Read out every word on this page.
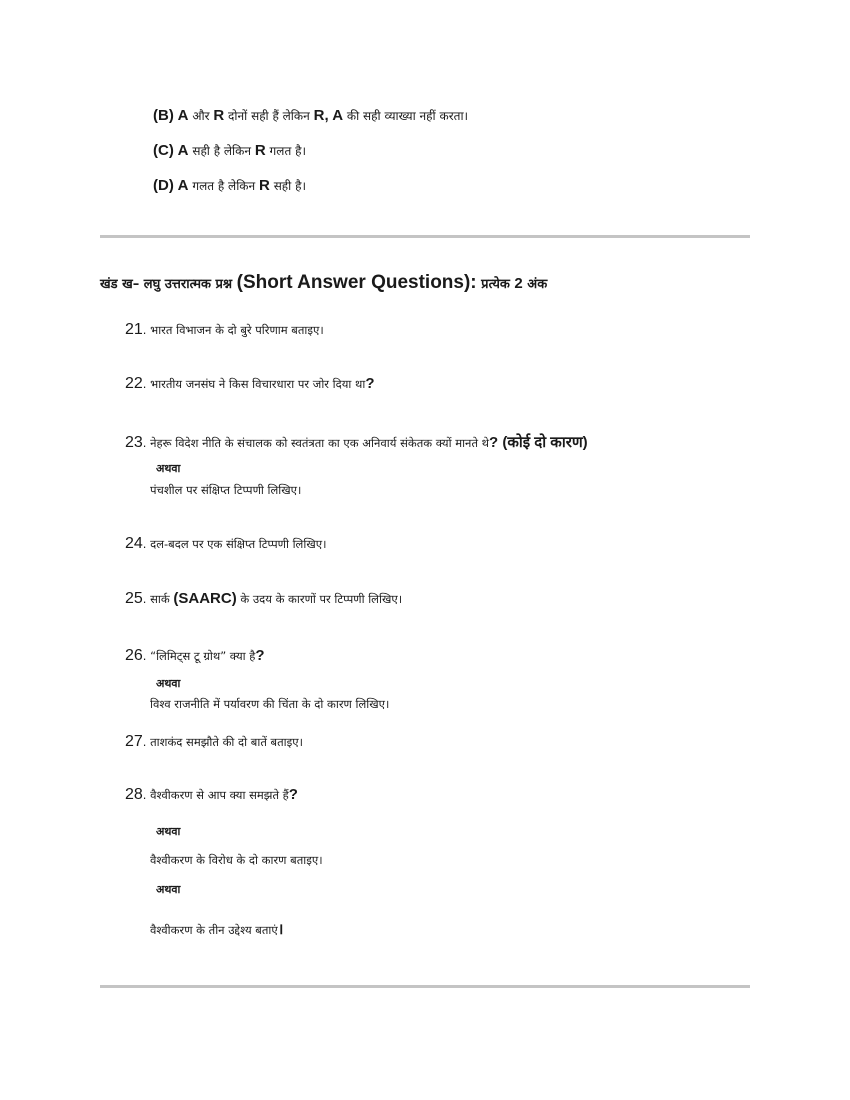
(B) A और R दोनों सही हैं लेकिन R, A की सही व्याख्या नहीं करता।
(C) A सही है लेकिन R गलत है।
(D) A गलत है लेकिन R सही है।
खंड ख– लघु उत्तरात्मक प्रश्न (Short Answer Questions): प्रत्येक 2 अंक
21. भारत विभाजन के दो बुरे परिणाम बताइए।
22. भारतीय जनसंघ ने किस विचारधारा पर जोर दिया था?
23. नेहरू विदेश नीति के संचालक को स्वतंत्रता का एक अनिवार्य संकेतक क्यों मानते थे? (कोई दो कारण)
अथवा
पंचशील पर संक्षिप्त टिप्पणी लिखिए।
24. दल-बदल पर एक संक्षिप्त टिप्पणी लिखिए।
25. सार्क (SAARC) के उदय के कारणों पर टिप्पणी लिखिए।
26. “लिमिट्स टू ग्रोथ” क्या है?
अथवा
विश्व राजनीति में पर्यावरण की चिंता के दो कारण लिखिए।
27. ताशकंद समझौते की दो बातें बताइए।
28. वैश्वीकरण से आप क्या समझते हैं?
अथवा
वैश्वीकरण के विरोध के दो कारण बताइए।
अथवा
वैश्वीकरण के तीन उद्देश्य बताएं।
